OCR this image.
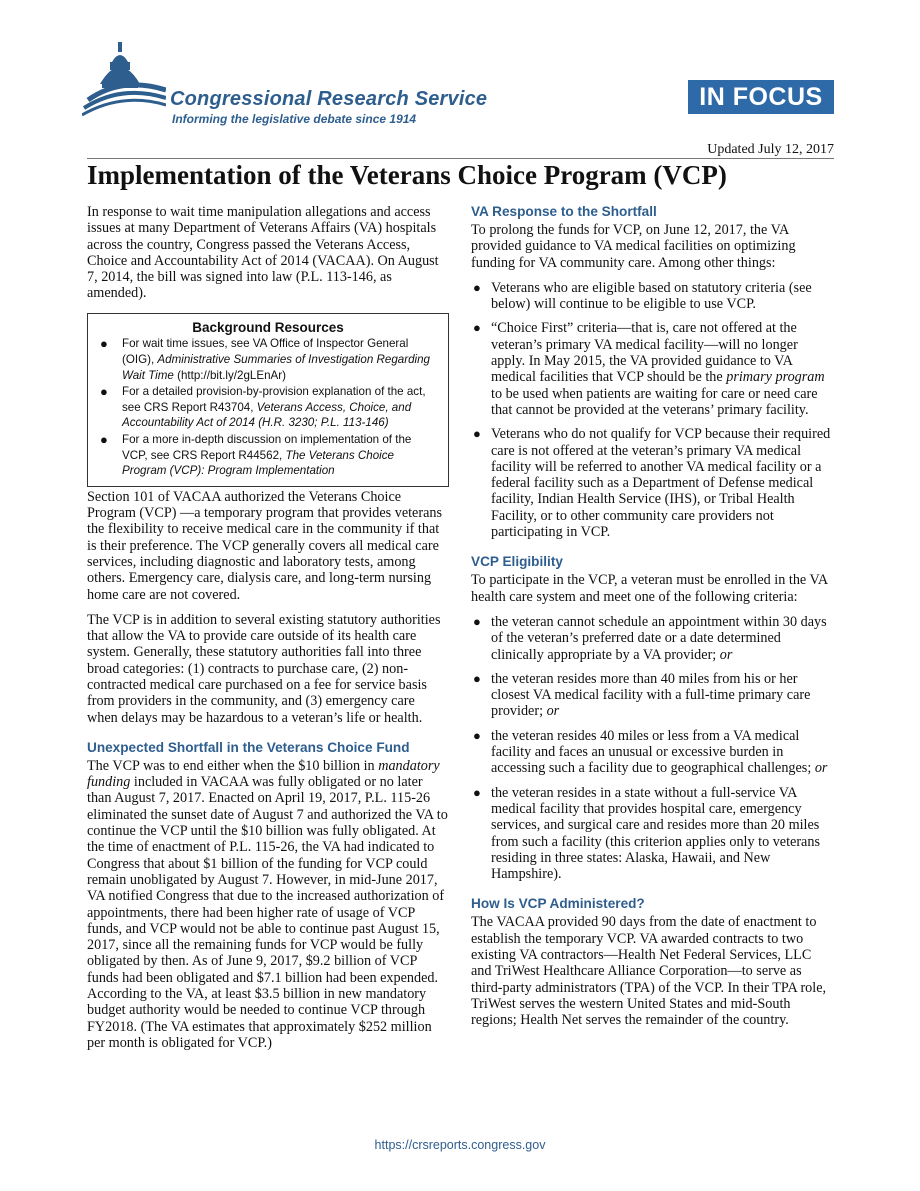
Congressional Research Service
Informing the legislative debate since 1914
IN FOCUS
Updated July 12, 2017
Implementation of the Veterans Choice Program (VCP)

In response to wait time manipulation allegations and access issues at many Department of Veterans Affairs (VA) hospitals across the country, Congress passed the Veterans Access, Choice and Accountability Act of 2014 (VACAA). On August 7, 2014, the bill was signed into law (P.L. 113-146, as amended).

Background Resources
● For wait time issues, see VA Office of Inspector General (OIG), Administrative Summaries of Investigation Regarding Wait Time (http://bit.ly/2gLEnAr)
● For a detailed provision-by-provision explanation of the act, see CRS Report R43704, Veterans Access, Choice, and Accountability Act of 2014 (H.R. 3230; P.L. 113-146)
● For a more in-depth discussion on implementation of the VCP, see CRS Report R44562, The Veterans Choice Program (VCP): Program Implementation

Section 101 of VACAA authorized the Veterans Choice Program (VCP) —a temporary program that provides veterans the flexibility to receive medical care in the community if that is their preference. The VCP generally covers all medical care services, including diagnostic and laboratory tests, among others. Emergency care, dialysis care, and long-term nursing home care are not covered.

The VCP is in addition to several existing statutory authorities that allow the VA to provide care outside of its health care system. Generally, these statutory authorities fall into three broad categories: (1) contracts to purchase care, (2) non-contracted medical care purchased on a fee for service basis from providers in the community, and (3) emergency care when delays may be hazardous to a veteran’s life or health.

Unexpected Shortfall in the Veterans Choice Fund

The VCP was to end either when the $10 billion in mandatory funding included in VACAA was fully obligated or no later than August 7, 2017. Enacted on April 19, 2017, P.L. 115-26 eliminated the sunset date of August 7 and authorized the VA to continue the VCP until the $10 billion was fully obligated. At the time of enactment of P.L. 115-26, the VA had indicated to Congress that about $1 billion of the funding for VCP could remain unobligated by August 7. However, in mid-June 2017, VA notified Congress that due to the increased authorization of appointments, there had been higher rate of usage of VCP funds, and VCP would not be able to continue past August 15, 2017, since all the remaining funds for VCP would be fully obligated by then. As of June 9, 2017, $9.2 billion of VCP funds had been obligated and $7.1 billion had been expended. According to the VA, at least $3.5 billion in new mandatory budget authority would be needed to continue VCP through FY2018. (The VA estimates that approximately $252 million per month is obligated for VCP.)

VA Response to the Shortfall

To prolong the funds for VCP, on June 12, 2017, the VA provided guidance to VA medical facilities on optimizing funding for VA community care. Among other things:

● Veterans who are eligible based on statutory criteria (see below) will continue to be eligible to use VCP.
● “Choice First” criteria—that is, care not offered at the veteran’s primary VA medical facility—will no longer apply. In May 2015, the VA provided guidance to VA medical facilities that VCP should be the primary program to be used when patients are waiting for care or need care that cannot be provided at the veterans’ primary facility.
● Veterans who do not qualify for VCP because their required care is not offered at the veteran’s primary VA medical facility will be referred to another VA medical facility or a federal facility such as a Department of Defense medical facility, Indian Health Service (IHS), or Tribal Health Facility, or to other community care providers not participating in VCP.
VCP Eligibility

To participate in the VCP, a veteran must be enrolled in the VA health care system and meet one of the following criteria:

● the veteran cannot schedule an appointment within 30 days of the veteran’s preferred date or a date determined clinically appropriate by a VA provider; or
● the veteran resides more than 40 miles from his or her closest VA medical facility with a full-time primary care provider; or
● the veteran resides 40 miles or less from a VA medical facility and faces an unusual or excessive burden in accessing such a facility due to geographical challenges; or
● the veteran resides in a state without a full-service VA medical facility that provides hospital care, emergency services, and surgical care and resides more than 20 miles from such a facility (this criterion applies only to veterans residing in three states: Alaska, Hawaii, and New Hampshire).
How Is VCP Administered?

The VACAA provided 90 days from the date of enactment to establish the temporary VCP. VA awarded contracts to two existing VA contractors—Health Net Federal Services, LLC and TriWest Healthcare Alliance Corporation—to serve as third-party administrators (TPA) of the VCP. In their TPA role, TriWest serves the western United States and mid-South regions; Health Net serves the remainder of the country.

https://crsreports.congress.gov
